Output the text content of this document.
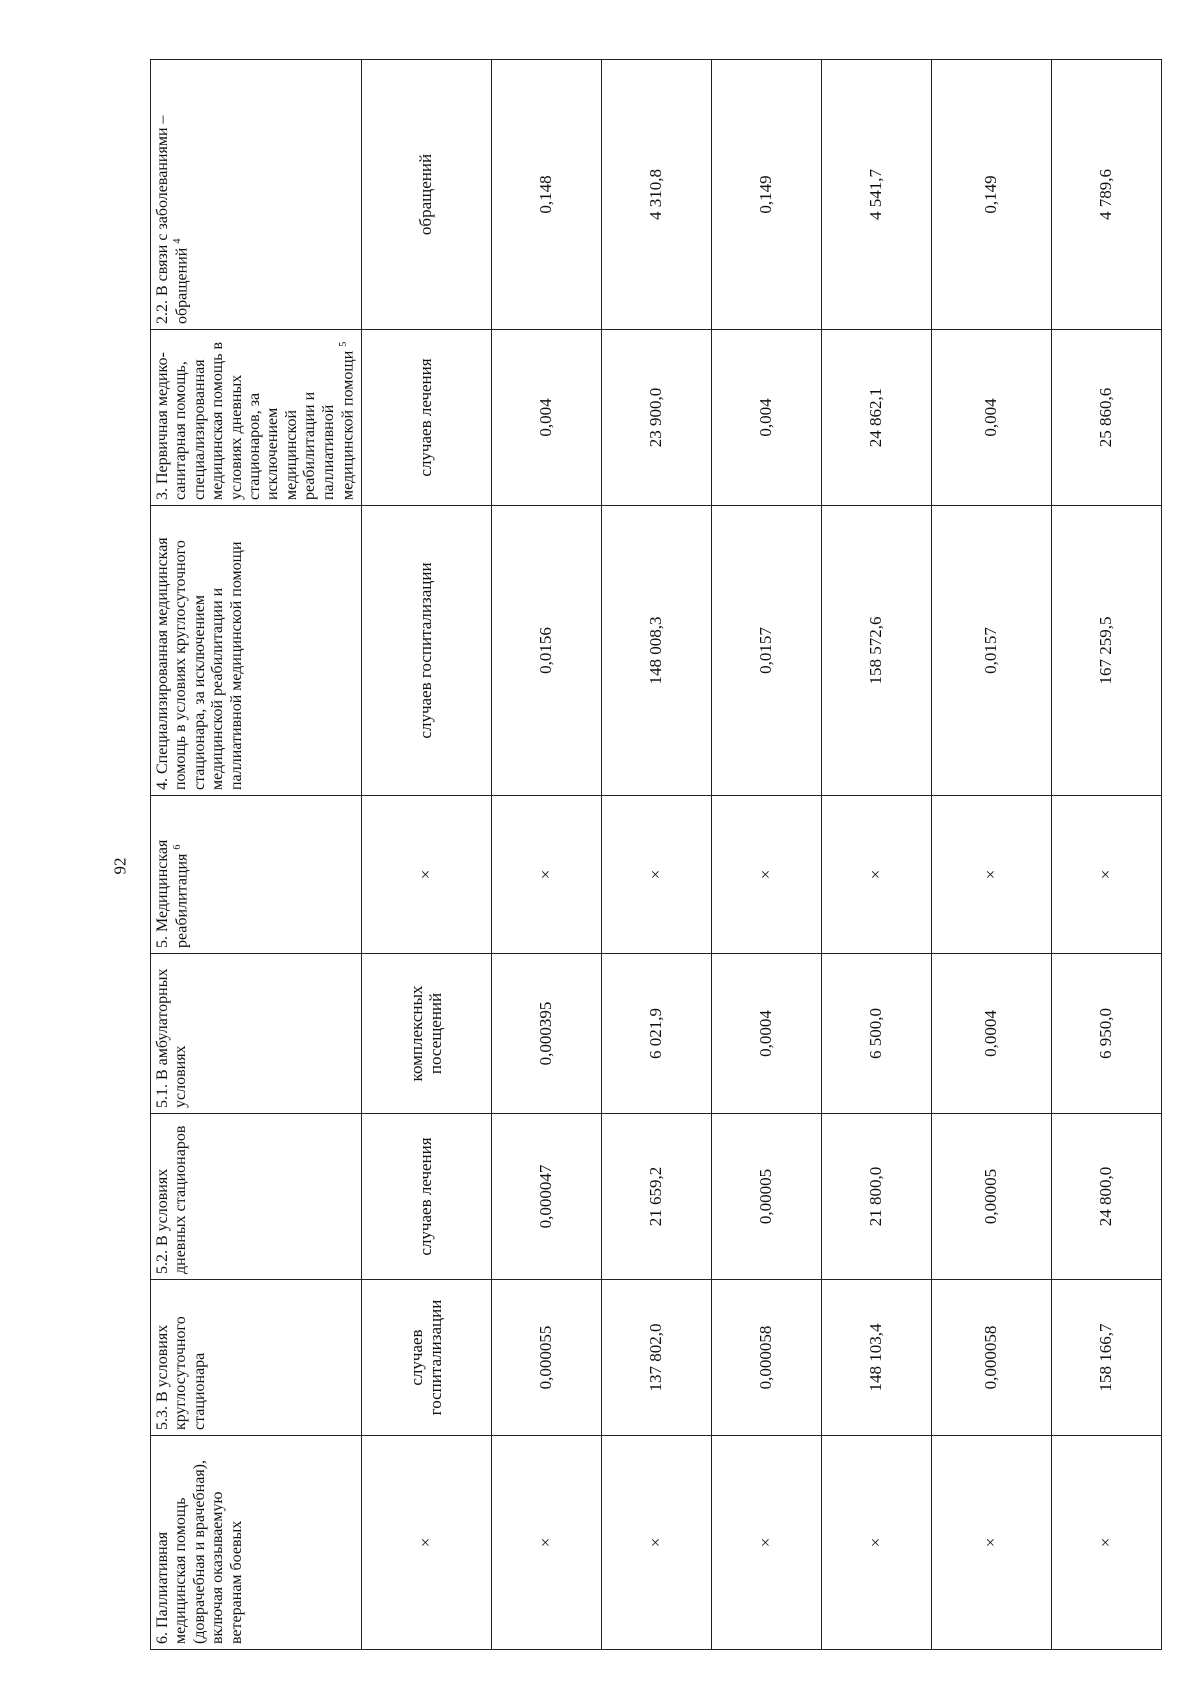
92
6. Паллиативная медицинская помощь (доврачебная и врачебная), включая оказываемую ветеранам боевых	5.3. В условиях круглосуточного стационара	5.2. В условиях дневных стационаров	5.1. В амбулаторных условиях	5. Медицинская реабилитация $^6$	4. Специализированная медицинская помощь в условиях круглосуточного стационара, за исключением медицинской реабилитации и паллиативной медицинской помощи	3. Первичная медико-санитарная помощь, специализированная медицинская помощь в условиях дневных стационаров, за исключением медицинской реабилитации и паллиативной медицинской помощи $^5$	2.2. В связи с заболеваниями – обращений $^4$
×	случаев госпитализации	случаев лечения	комплексных посещений	×	случаев госпитализации	случаев лечения	обращений
×	0,000055	0,000047	0,000395	×	0,0156	0,004	0,148
×	137 802,0	21 659,2	6 021,9	×	148 008,3	23 900,0	4 310,8
×	0,000058	0,00005	0,0004	×	0,0157	0,004	0,149
×	148 103,4	21 800,0	6 500,0	×	158 572,6	24 862,1	4 541,7
×	0,000058	0,00005	0,0004	×	0,0157	0,004	0,149
×	158 166,7	24 800,0	6 950,0	×	167 259,5	25 860,6	4 789,6
